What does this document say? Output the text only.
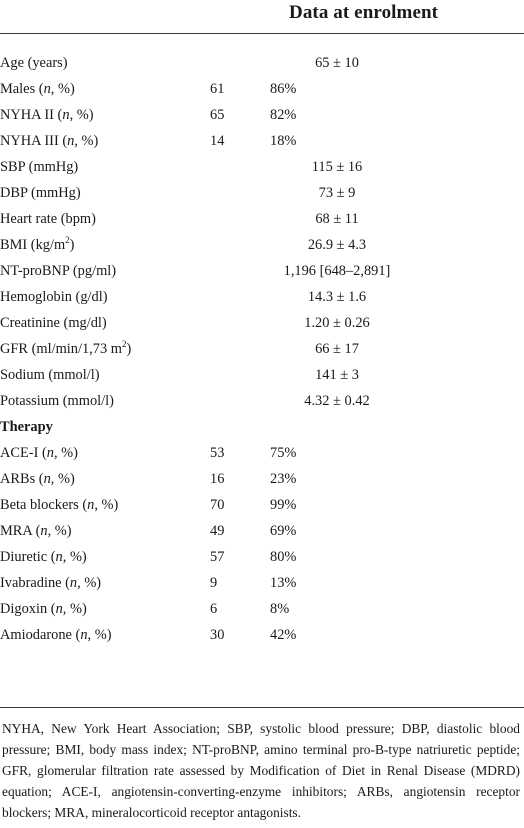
Data at enrolment
Age (years)		65 ± 10
Males (n, %)	61	86%
NYHA II (n, %)	65	82%
NYHA III (n, %)	14	18%
SBP (mmHg)		115 ± 16
DBP (mmHg)		73 ± 9
Heart rate (bpm)		68 ± 11
BMI $(kg/m^2)$		26.9 ± 4.3
NT-proBNP (pg/ml)		1,196 [648–2,891]
Hemoglobin (g/dl)		14.3 ± 1.6
Creatinine (mg/dl)		1.20 ± 0.26
GFR (ml/min/1,73 $m^2$)		66 ± 17
Sodium (mmol/l)		141 ± 3
Potassium (mmol/l)		4.32 ± 0.42
Therapy		
ACE-I (n, %)	53	75%
ARBs (n, %)	16	23%
Beta blockers (n, %)	70	99%
MRA (n, %)	49	69%
Diuretic (n, %)	57	80%
Ivabradine (n, %)	9	13%
Digoxin (n, %)	6	8%
Amiodarone (n, %)	30	42%
NYHA, New York Heart Association; SBP, systolic blood pressure; DBP, diastolic blood pressure; BMI, body mass index; NT-proBNP, amino terminal pro-B-type natriuretic peptide; GFR, glomerular filtration rate assessed by Modification of Diet in Renal Disease (MDRD) equation; ACE-I, angiotensin-converting-enzyme inhibitors; ARBs, angiotensin receptor blockers; MRA, mineralocorticoid receptor antagonists.
